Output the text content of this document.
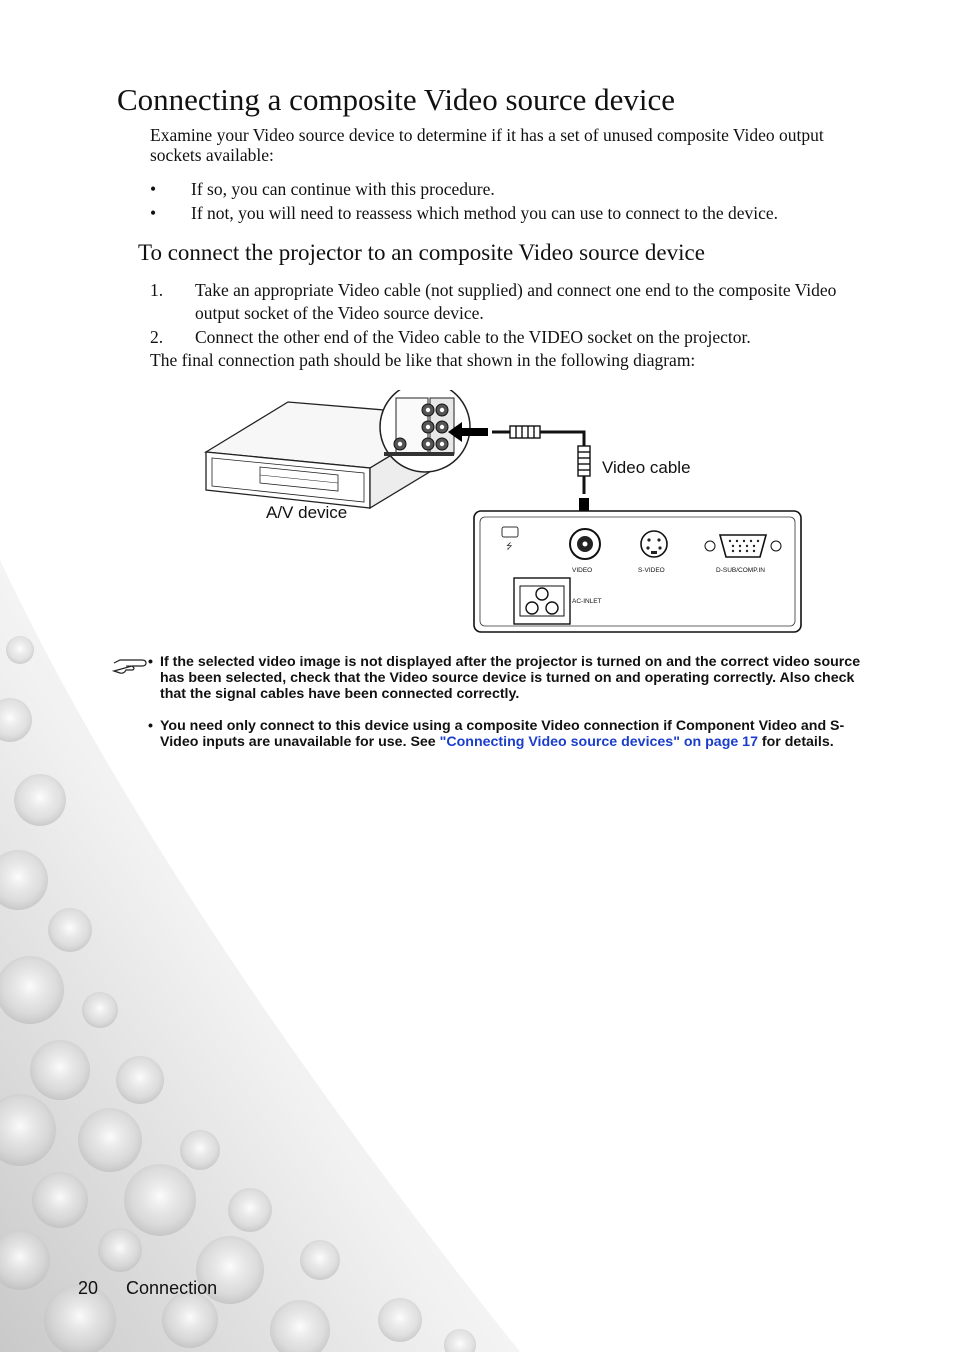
Connecting a composite Video source device
Examine your Video source device to determine if it has a set of unused composite Video output sockets available:
• If so, you can continue with this procedure.
• If not, you will need to reassess which method you can use to connect to the device.
To connect the projector to an composite Video source device
1. Take an appropriate Video cable (not supplied) and connect one end to the composite Video output socket of the Video source device.
2. Connect the other end of the Video cable to the VIDEO socket on the projector.
The final connection path should be like that shown in the following diagram:
⭍
VIDEO	S-VIDEO	D-SUB/COMP.IN
AC-INLET
Video cable
A/V device
• If the selected video image is not displayed after the projector is turned on and the correct video source has been selected, check that the Video source device is turned on and operating correctly. Also check that the signal cables have been connected correctly.
• You need only connect to this device using a composite Video connection if Component Video and S-Video inputs are unavailable for use. See "Connecting Video source devices" on page 17 for details.
20 Connection
